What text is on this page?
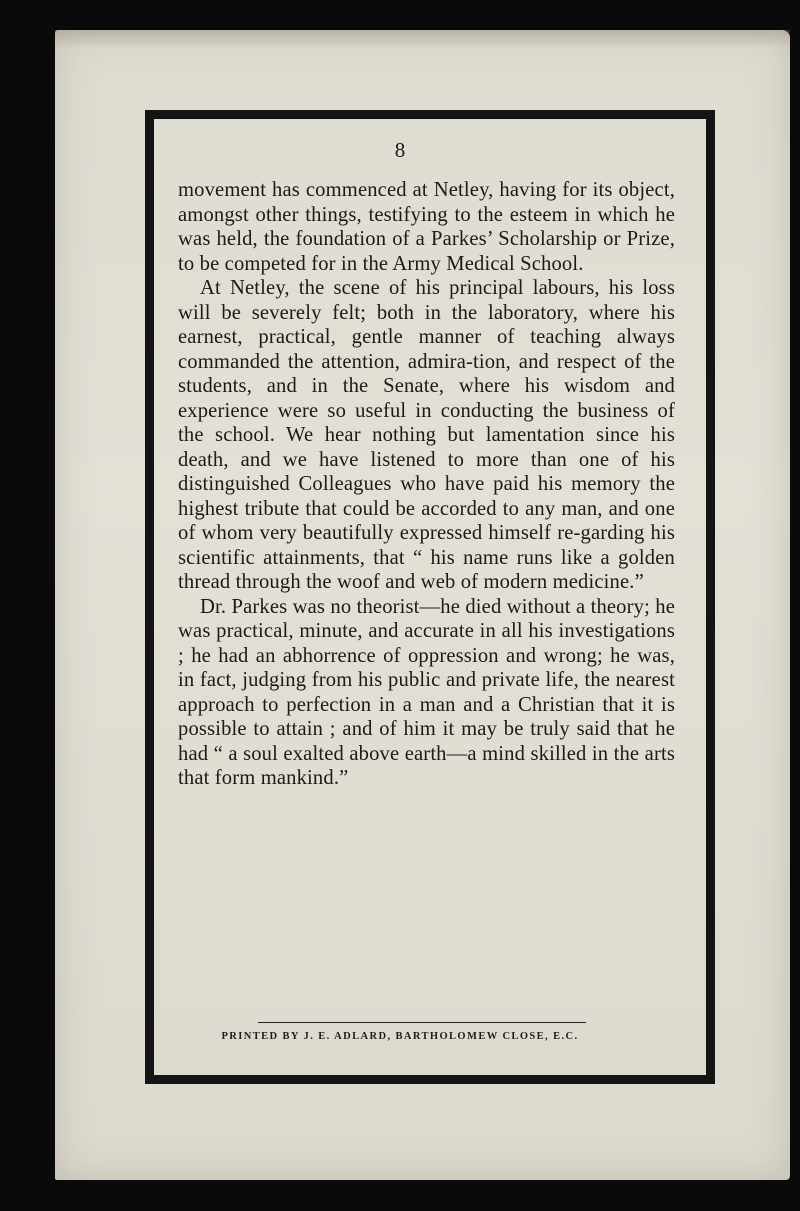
8

movement has commenced at Netley, having for its object, amongst other things, testifying to the esteem in which he was held, the foundation of a Parkes’ Scholarship or Prize, to be competed for in the Army Medical School.

At Netley, the scene of his principal labours, his loss will be severely felt; both in the laboratory, where his earnest, practical, gentle manner of teaching always commanded the attention, admira-tion, and respect of the students, and in the Senate, where his wisdom and experience were so useful in conducting the business of the school. We hear nothing but lamentation since his death, and we have listened to more than one of his distinguished Colleagues who have paid his memory the highest tribute that could be accorded to any man, and one of whom very beautifully expressed himself re-garding his scientific attainments, that “ his name runs like a golden thread through the woof and web of modern medicine.”

Dr. Parkes was no theorist—he died without a theory; he was practical, minute, and accurate in all his investigations ; he had an abhorrence of oppression and wrong; he was, in fact, judging from his public and private life, the nearest approach to perfection in a man and a Christian that it is possible to attain ; and of him it may be truly said that he had “ a soul exalted above earth—a mind skilled in the arts that form mankind.”

PRINTED BY J. E. ADLARD, BARTHOLOMEW CLOSE, E.C.
